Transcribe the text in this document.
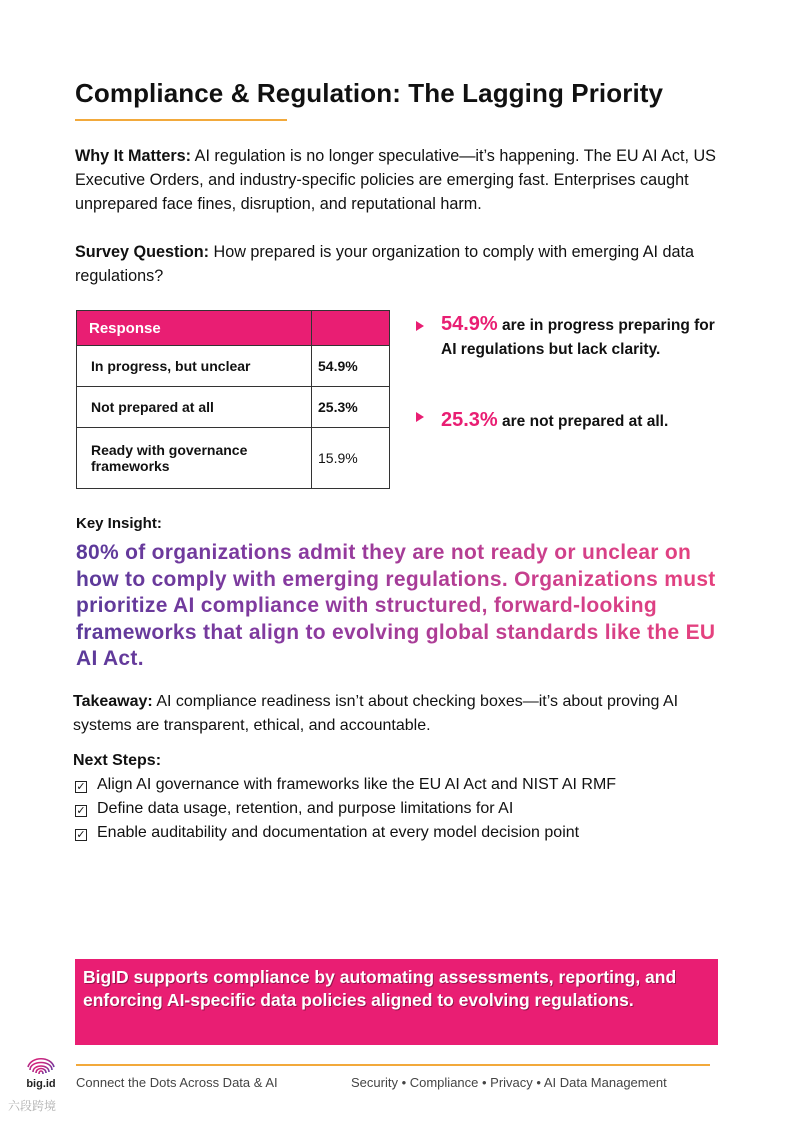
Compliance & Regulation: The Lagging Priority
Why It Matters: AI regulation is no longer speculative—it’s happening. The EU AI Act, US Executive Orders, and industry-specific policies are emerging fast. Enterprises caught unprepared face fines, disruption, and reputational harm.
Survey Question: How prepared is your organization to comply with emerging AI data regulations?
Response	
In progress, but unclear	54.9%
Not prepared at all	25.3%
Ready with governance frameworks	15.9%
54.9% are in progress preparing for AI regulations but lack clarity.
25.3% are not prepared at all.
Key Insight:
80% of organizations admit they are not ready or unclear on how to comply with emerging regulations. Organizations must prioritize AI compliance with structured, forward-looking frameworks that align to evolving global standards like the EU AI Act.
Takeaway: AI compliance readiness isn’t about checking boxes—it’s about proving AI systems are transparent, ethical, and accountable.
Next Steps:
✓ Align AI governance with frameworks like the EU AI Act and NIST AI RMF
✓ Define data usage, retention, and purpose limitations for AI
✓ Enable auditability and documentation at every model decision point
BigID supports compliance by automating assessments, reporting, and enforcing AI-specific data policies aligned to evolving regulations.
big.id Connect the Dots Across Data & AI	Security • Compliance • Privacy • AI Data Management
六段跨境
